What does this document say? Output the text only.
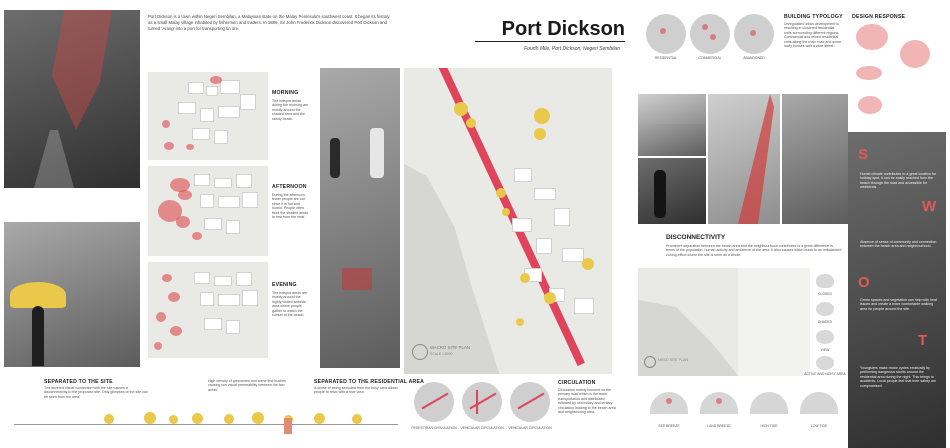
Port Dickson is a town within Negeri Sembilan, a Malaysian state on the Malay Peninsula's southwest coast. It began its history as a small Malay village inhabited by fishermen and traders. In 1889, Sir John Frederick Dickson discovered Port Dickson and turned 'Arang' into a port for transporting tin ore.
MORNING
The hotspot areas during the morning are mostly around the shaded area and the sandy beach.
AFTERNOON
During the afternoon, fewer people are out since it is hot and humid. People often flock the shaded areas to rest from the heat.
EVENING
The hotspot areas are mostly around the highly visited seaside area where people gather to watch the sunset at the beach.
Port Dickson
Fourth Mile, Port Dickson, Negeri Sembilan
MACRO SITE PLAN
SCALE 1:5000
SEPARATED TO THE SITE
The severed visual connection with the site causes a disconnectivity to the proposed site. Only glimpses of the site can be seen from the area.
High density of greeneries and some fine bushes causing low visual permeability between the two areas.
SEPARATED TO THE RESIDENTIAL AREA
A sense of being secluded from the busy area allows people to relax with a nice view.
PEDESTRIAN CIRCULATION	VEHICULAR CIRCULATION	VEHICULAR CIRCULATION
CIRCULATION
Circulation mainly focused on the primary road which is the main transportation and distributed followed by secondary and tertiary circulation leading to the beach area and neighbouring area.
RESIDENTIAL	COMMERCIAL	ABANDONED
BUILDING TYPOLOGY
Unregulated urban development is resulting in clustered residential units surrounding different regions. Commercial and mixed residential units along the main road and some lowly houses with a wide street.
DISCONNECTIVITY
Prominent separation between the beach area and the neighbourhood contributes to a great difference in terms of the population, human activity and ambience of the area. It also causes which leads to an imbalanced zoning effect where the site is seen as a whole.
MESO SITE PLAN
CLOSED
SHADED
VIEW
ACTIVE AND NOISY AREA
SEE BREEZE	LAND BREEZE	HIGH TIDE	LOW TIDE
DESIGN RESPONSE
S
Humid climate contributes to a great location for holiday spot, it can be easily reached from the beach through the road and accessible for weekends.
W
Absence of sense of community and connection between the beach area and neighbourhood.
O
Green spaces and vegetation can help with heat issues and create a more comfortable walking area for people around the site.
T
Youngsters make motor cycles erratically by performing dangerous stunts around the residential area during the night. This brings to accidents. Local people feel that their safety are compromised.
